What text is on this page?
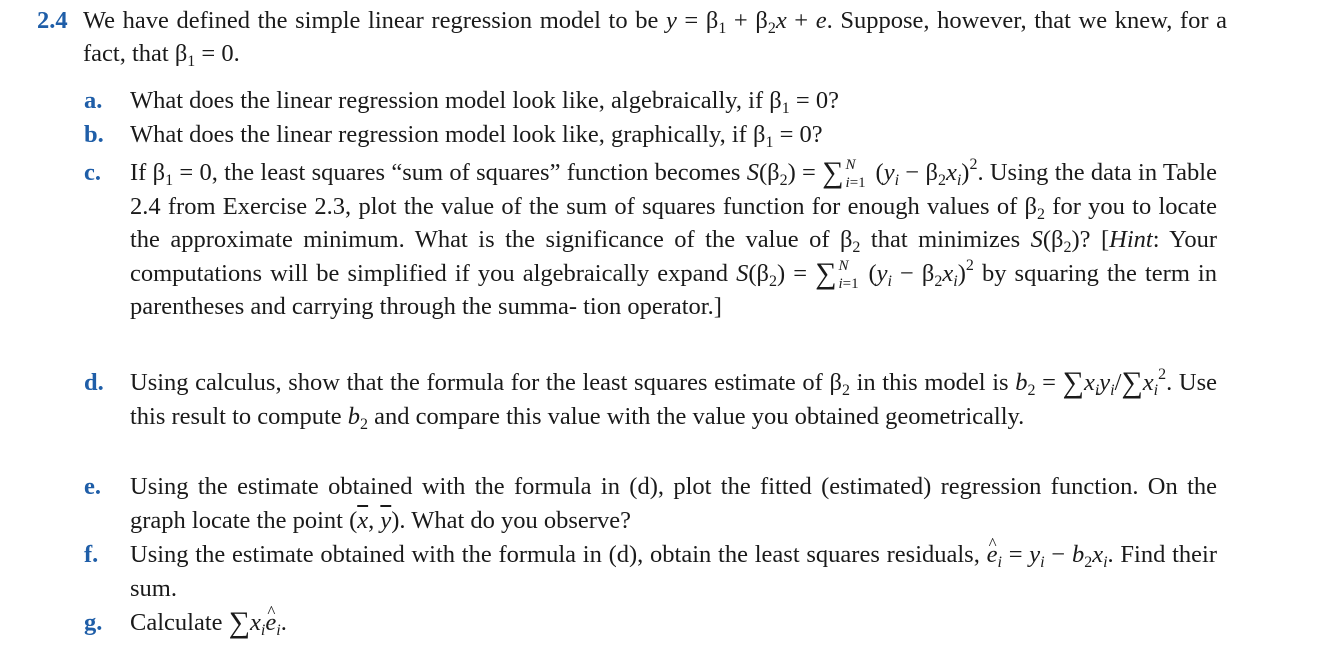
2.4 We have defined the simple linear regression model to be $y = \beta_1 + \beta_2x + e$. Suppose, however, that we knew, for a fact, that $\beta_1 = 0$.
a.	What does the linear regression model look like, algebraically, if $\beta_1 = 0$?
b.	What does the linear regression model look like, graphically, if $\beta_1 = 0$?
c.	If $\beta_1 = 0$, the least squares “sum of squares” function becomes $S(\beta_2)$ = ∑ N
i=1 $(y_i - \beta_2x_i)^2$. Using the data in Table 2.4 from Exercise 2.3, plot the value of the sum of squares function for enough values of $\beta_2$ for you to locate the approximate minimum. What is the significance of the value of $\beta_2$ that minimizes $S(\beta_2)$? [Hint: Your computations will be simplified if you algebraically expand $S(\beta_2)$ = ∑ N
i=1 $(y_i - \beta_2x_i)^2$ by squaring the term in parentheses and carrying through the summa- tion operator.]
d.	Using calculus, show that the formula for the least squares estimate of $\beta_2$ in this model is $b_2 = \sum x_iy_i/\sum x_i^2$. Use this result to compute $b_2$ and compare this value with the value you obtained geometrically.
e.	Using the estimate obtained with the formula in (d), plot the fitted (estimated) regression function. On the graph locate the point ($\overline{x}$, $\overline{y}$). What do you observe?
f.	Using the estimate obtained with the formula in (d), obtain the least squares residuals, ^ $e_i = y_i - b_2x_i$. Find their sum.
g.	Calculate $\sum x_i\^{}$ $e_i$.
